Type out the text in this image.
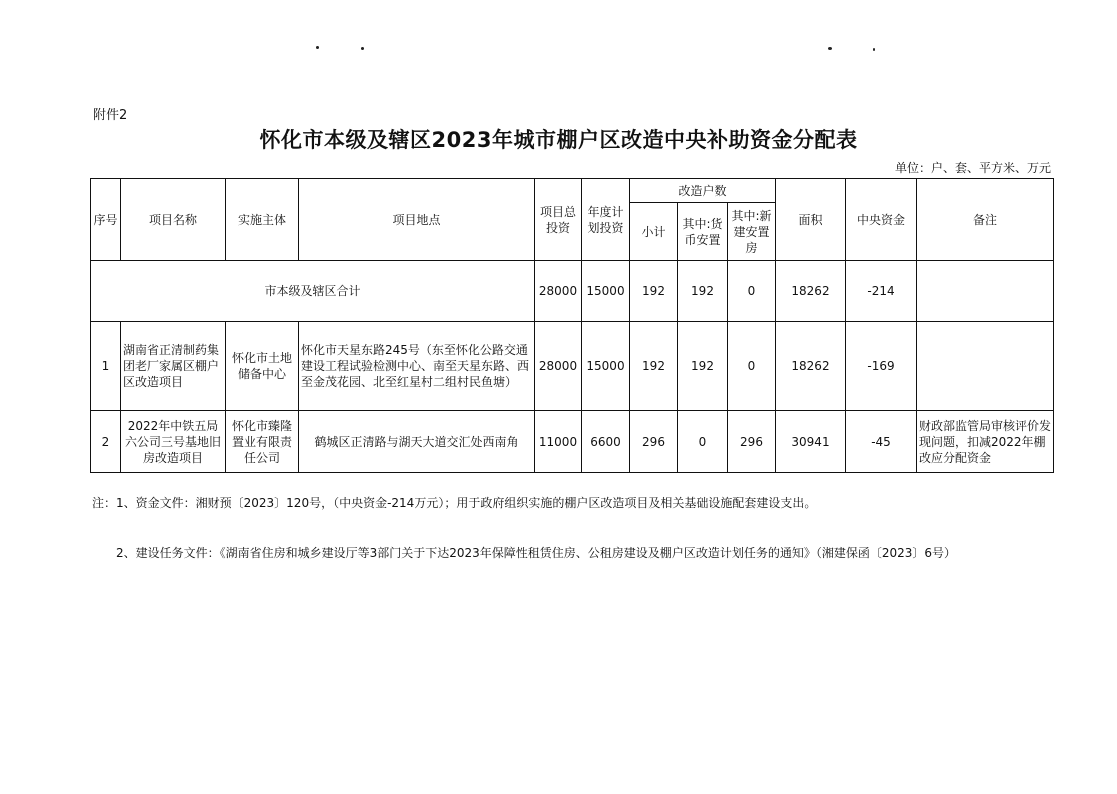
附件2
怀化市本级及辖区2023年城市棚户区改造中央补助资金分配表
单位：户、套、平方米、万元
序号	项目名称	实施主体	项目地点	项目总投资	年度计划投资	改造户数			面积	中央资金	备注
						小计	其中:货币安置	其中:新建安置房			
市本级及辖区合计				28000	15000	192	192	0	18262	-214	
1	湖南省正清制药集团老厂家属区棚户区改造项目	怀化市土地储备中心	怀化市天星东路245号（东至怀化公路交通建设工程试验检测中心、南至天星东路、西至金茂花园、北至红星村二组村民鱼塘）	28000	15000	192	192	0	18262	-169	
2	2022年中铁五局六公司三号基地旧房改造项目	怀化市臻隆置业有限责任公司	鹤城区正清路与湖天大道交汇处西南角	11000	6600	296	0	296	30941	-45	财政部监管局审核评价发现问题，扣减2022年棚改应分配资金
注：1、资金文件：湘财预〔2023〕120号，（中央资金-214万元）；用于政府组织实施的棚户区改造项目及相关基础设施配套建设支出。
2、建设任务文件：《湖南省住房和城乡建设厅等3部门关于下达2023年保障性租赁住房、公租房建设及棚户区改造计划任务的通知》（湘建保函〔2023〕6号）
